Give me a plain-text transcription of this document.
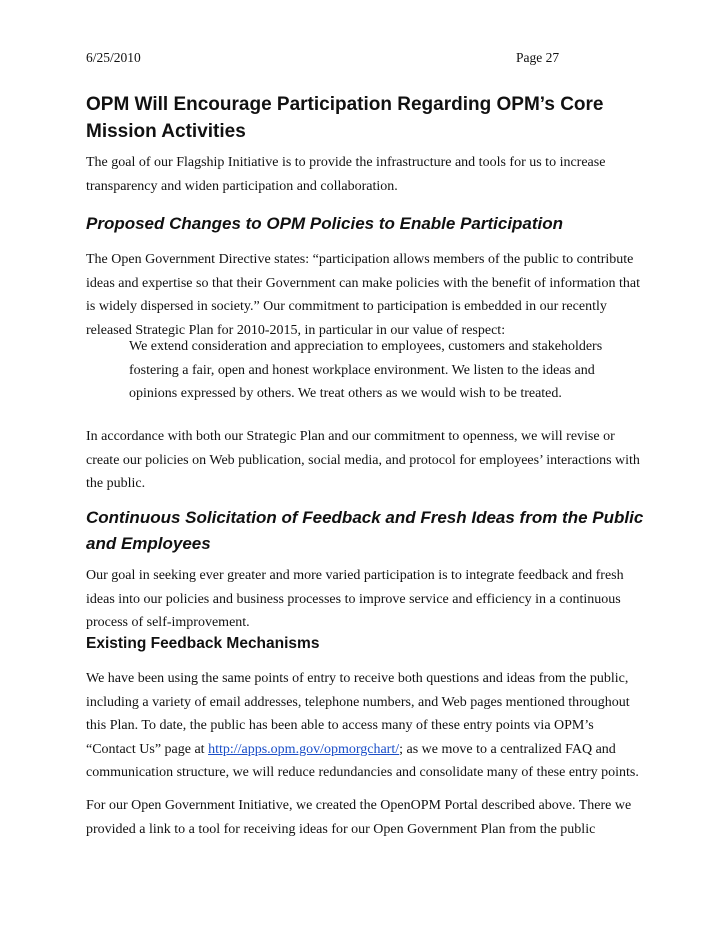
6/25/2010	Page 27
OPM Will Encourage Participation Regarding OPM’s Core Mission Activities

The goal of our Flagship Initiative is to provide the infrastructure and tools for us to increase transparency and widen participation and collaboration.

Proposed Changes to OPM Policies to Enable Participation

The Open Government Directive states: “participation allows members of the public to contribute ideas and expertise so that their Government can make policies with the benefit of information that is widely dispersed in society.” Our commitment to participation is embedded in our recently released Strategic Plan for 2010-2015, in particular in our value of respect:

We extend consideration and appreciation to employees, customers and stakeholders fostering a fair, open and honest workplace environment. We listen to the ideas and opinions expressed by others. We treat others as we would wish to be treated.

In accordance with both our Strategic Plan and our commitment to openness, we will revise or create our policies on Web publication, social media, and protocol for employees’ interactions with the public.

Continuous Solicitation of Feedback and Fresh Ideas from the Public and Employees

Our goal in seeking ever greater and more varied participation is to integrate feedback and fresh ideas into our policies and business processes to improve service and efficiency in a continuous process of self-improvement.

Existing Feedback Mechanisms

We have been using the same points of entry to receive both questions and ideas from the public, including a variety of email addresses, telephone numbers, and Web pages mentioned throughout this Plan. To date, the public has been able to access many of these entry points via OPM’s “Contact Us” page at http://apps.opm.gov/opmorgchart/; as we move to a centralized FAQ and communication structure, we will reduce redundancies and consolidate many of these entry points.

For our Open Government Initiative, we created the OpenOPM Portal described above. There we provided a link to a tool for receiving ideas for our Open Government Plan from the public
